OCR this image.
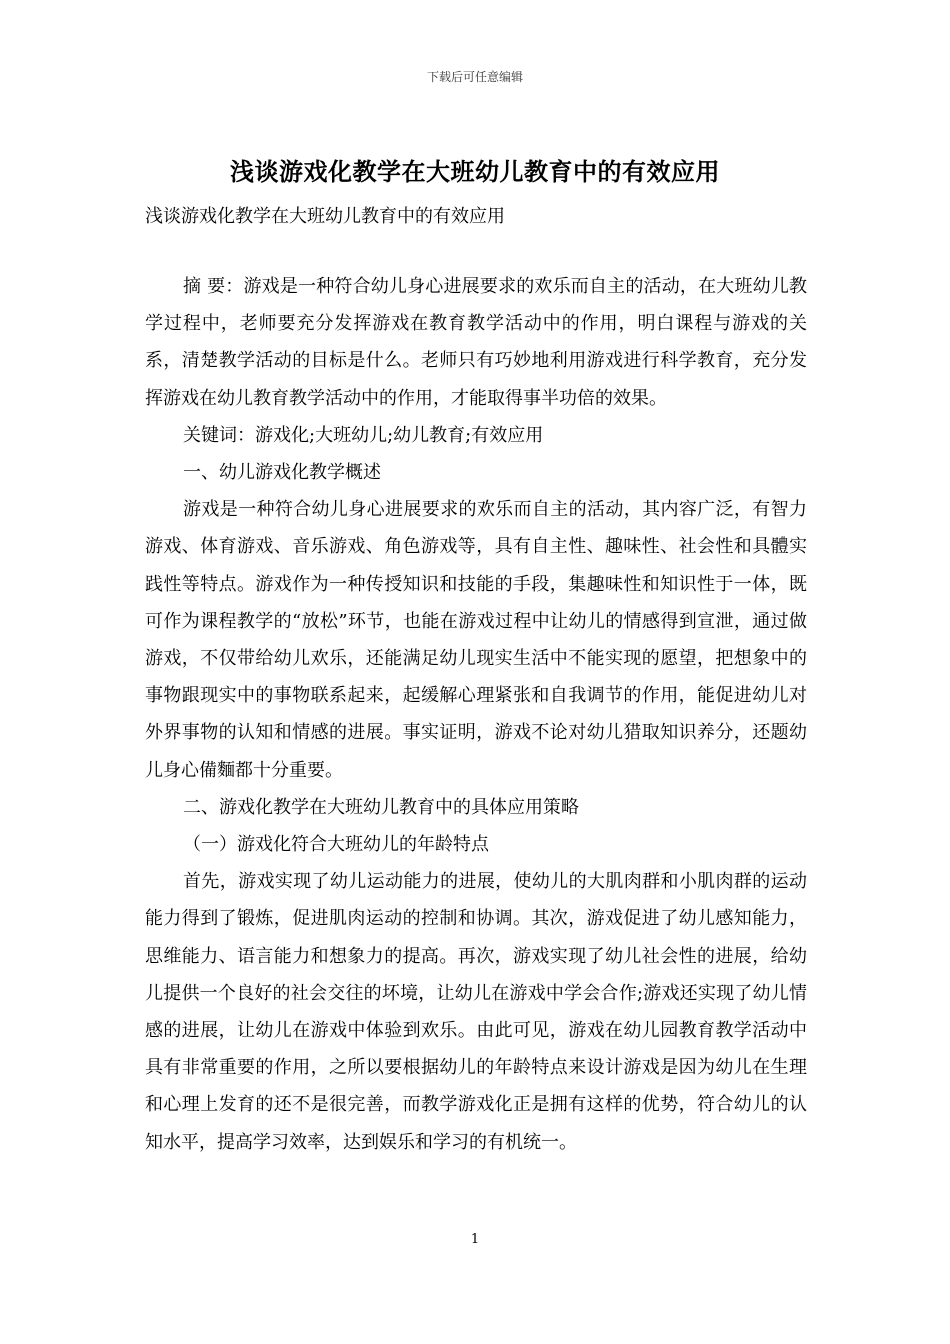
下载后可任意编辑
浅谈游戏化教学在大班幼儿教育中的有效应用
浅谈游戏化教学在大班幼儿教育中的有效应用

摘 要：游戏是一种符合幼儿身心进展要求的欢乐而自主的活动，在大班幼儿教学过程中，老师要充分发挥游戏在教育教学活动中的作用，明白课程与游戏的关系，清楚教学活动的目标是什么。老师只有巧妙地利用游戏进行科学教育，充分发挥游戏在幼儿教育教学活动中的作用，才能取得事半功倍的效果。

关键词：游戏化;大班幼儿;幼儿教育;有效应用

一、幼儿游戏化教学概述

游戏是一种符合幼儿身心进展要求的欢乐而自主的活动，其内容广泛，有智力游戏、体育游戏、音乐游戏、角色游戏等，具有自主性、趣味性、社会性和具體实践性等特点。游戏作为一种传授知识和技能的手段，集趣味性和知识性于一体，既可作为课程教学的“放松”环节，也能在游戏过程中让幼儿的情感得到宣泄，通过做游戏，不仅带给幼儿欢乐，还能满足幼儿现实生活中不能实现的愿望，把想象中的事物跟现实中的事物联系起来，起缓解心理紧张和自我调节的作用，能促进幼儿对外界事物的认知和情感的进展。事实证明，游戏不论对幼儿猎取知识养分，还题幼儿身心備麵都十分重要。

二、游戏化教学在大班幼儿教育中的具体应用策略

（一）游戏化符合大班幼儿的年龄特点

首先，游戏实现了幼儿运动能力的进展，使幼儿的大肌肉群和小肌肉群的运动能力得到了锻炼，促进肌肉运动的控制和协调。其次，游戏促进了幼儿感知能力，思维能力、语言能力和想象力的提高。再次，游戏实现了幼儿社会性的进展，给幼儿提供一个良好的社会交往的坏境，让幼儿在游戏中学会合作;游戏还实现了幼儿情感的进展，让幼儿在游戏中体验到欢乐。由此可见，游戏在幼儿园教育教学活动中具有非常重要的作用，之所以要根据幼儿的年龄特点来设计游戏是因为幼儿在生理和心理上发育的还不是很完善，而教学游戏化正是拥有这样的优势，符合幼儿的认知水平，提高学习效率，达到娱乐和学习的有机统一。

1
